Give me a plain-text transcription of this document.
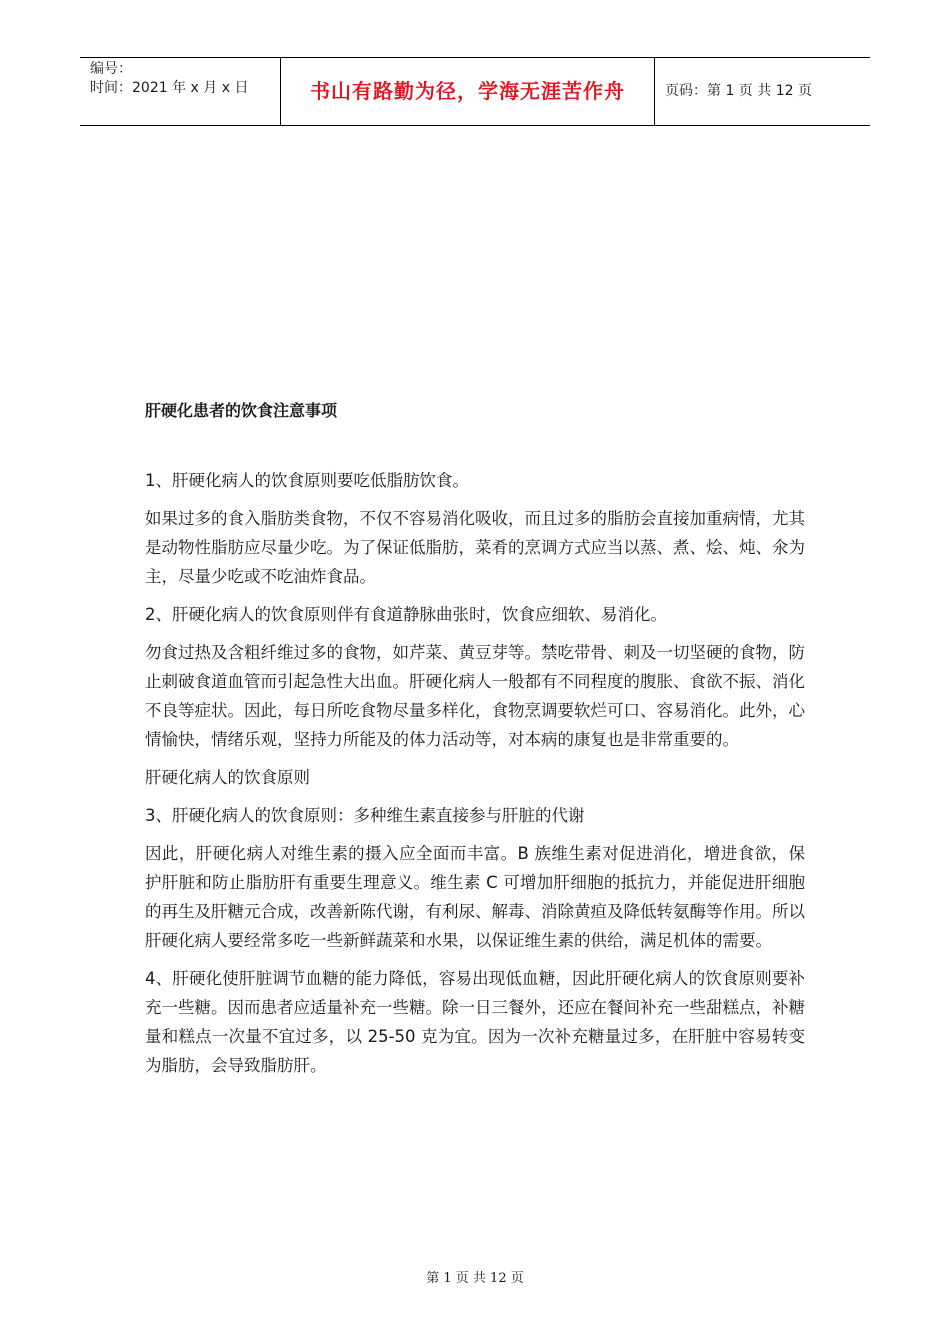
编号：
时间：2021 年 x 月 x 日	书山有路勤为径，学海无涯苦作舟	页码：第 1 页 共 12 页
肝硬化患者的饮食注意事项

1、肝硬化病人的饮食原则要吃低脂肪饮食。

如果过多的食入脂肪类食物，不仅不容易消化吸收，而且过多的脂肪会直接加重病情，尤其是动物性脂肪应尽量少吃。为了保证低脂肪，菜肴的烹调方式应当以蒸、煮、烩、炖、氽为主，尽量少吃或不吃油炸食品。

2、肝硬化病人的饮食原则伴有食道静脉曲张时，饮食应细软、易消化。

勿食过热及含粗纤维过多的食物，如芹菜、黄豆芽等。禁吃带骨、刺及一切坚硬的食物，防止刺破食道血管而引起急性大出血。肝硬化病人一般都有不同程度的腹胀、食欲不振、消化不良等症状。因此，每日所吃食物尽量多样化，食物烹调要软烂可口、容易消化。此外，心情愉快，情绪乐观，坚持力所能及的体力活动等，对本病的康复也是非常重要的。

肝硬化病人的饮食原则

3、肝硬化病人的饮食原则：多种维生素直接参与肝脏的代谢

因此，肝硬化病人对维生素的摄入应全面而丰富。B 族维生素对促进消化，增进食欲，保护肝脏和防止脂肪肝有重要生理意义。维生素 C 可增加肝细胞的抵抗力，并能促进肝细胞的再生及肝糖元合成，改善新陈代谢，有利尿、解毒、消除黄疸及降低转氨酶等作用。所以肝硬化病人要经常多吃一些新鲜蔬菜和水果，以保证维生素的供给，满足机体的需要。

4、肝硬化使肝脏调节血糖的能力降低，容易出现低血糖，因此肝硬化病人的饮食原则要补充一些糖。因而患者应适量补充一些糖。除一日三餐外，还应在餐间补充一些甜糕点，补糖量和糕点一次量不宜过多，以 25-50 克为宜。因为一次补充糖量过多，在肝脏中容易转变为脂肪，会导致脂肪肝。

第 1 页 共 12 页
